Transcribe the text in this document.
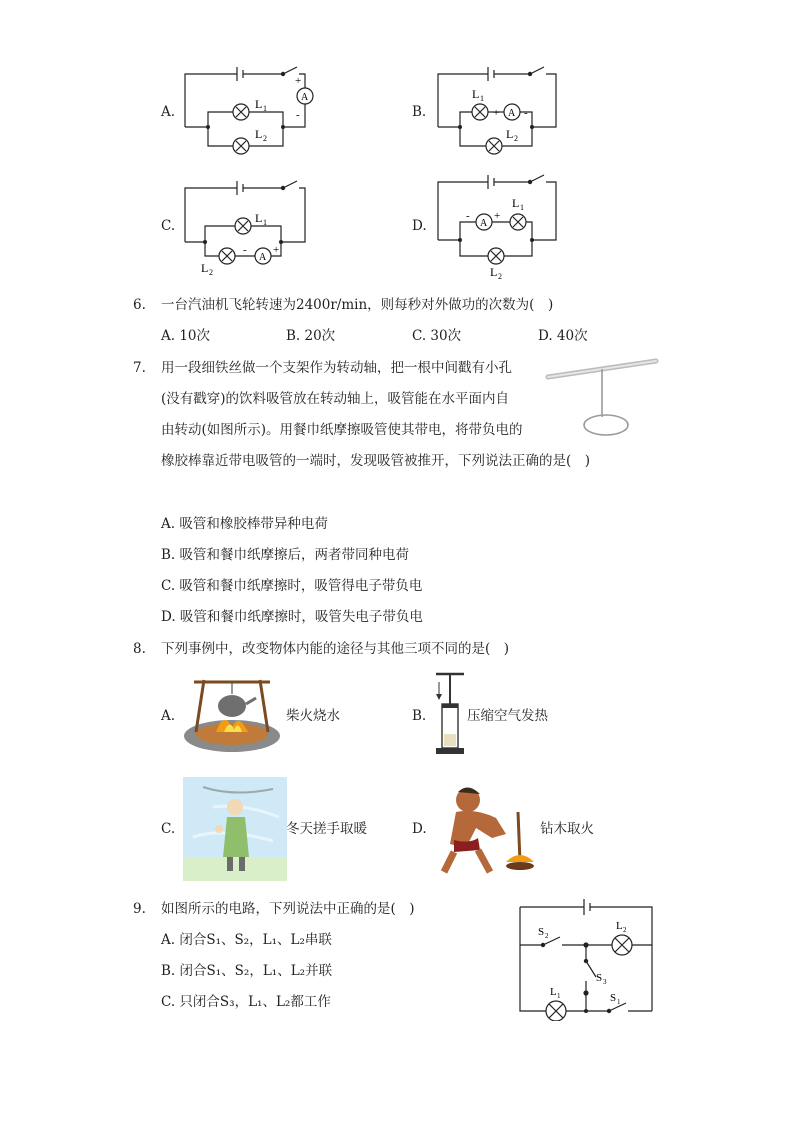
A.
A
+
-
L 1
L 2
B.	A
+ -
L 1
L 2
C.
A
+
-
L 1
L 2
D.	A
+
-
L 1
L 2
6. 一台汽油机飞轮转速为2400r/min，则每秒对外做功的次数为(　)
A. 10次	B. 20次	C. 30次	D. 40次
7. 用一段细铁丝做一个支架作为转动轴，把一根中间戳有小孔
(没有戳穿)的饮料吸管放在转动轴上，吸管能在水平面内自
由转动(如图所示)。用餐巾纸摩擦吸管使其带电，将带负电的
橡胶棒靠近带电吸管的一端时，发现吸管被推开，下列说法正确的是(　)
A. 吸管和橡胶棒带异种电荷
B. 吸管和餐巾纸摩擦后，两者带同种电荷
C. 吸管和餐巾纸摩擦时，吸管得电子带负电
D. 吸管和餐巾纸摩擦时，吸管失电子带负电
8. 下列事例中，改变物体内能的途径与其他三项不同的是(　)
A.	柴火烧水	B.	压缩空气发热
C.	冬天搓手取暖	D.	钻木取火
9. 如图所示的电路，下列说法中正确的是(　)
A. 闭合S₁、S₂，L₁、L₂串联
B. 闭合S₁、S₂，L₁、L₂并联
C. 只闭合S₃，L₁、L₂都工作
S 2
L 2
S 3
L 1	S 1
